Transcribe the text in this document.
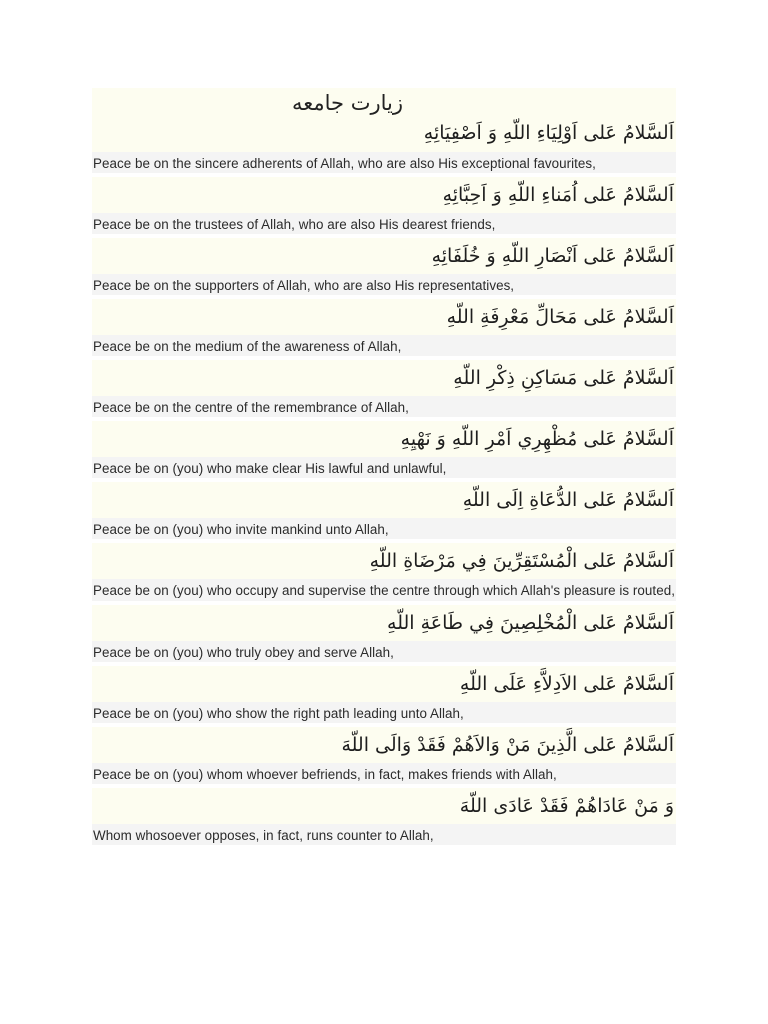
زیارت جامعه
اَلسَّلامُ عَلى اَوْلِيَاءِ اللّهِ وَ اَصْفِيَائِهِ
Peace be on the sincere adherents of Allah, who are also His exceptional favourites,
اَلسَّلامُ عَلى اُمَناءِ اللّهِ وَ اَحِبَّائِهِ
Peace be on the trustees of Allah, who are also His dearest friends,
اَلسَّلامُ عَلى اَنْصَارِ اللّهِ وَ خُلَفَائِهِ
Peace be on the supporters of Allah, who are also His representatives,
اَلسَّلامُ عَلى مَحَالِّ مَعْرِفَةِ اللّهِ
Peace be on the medium of the awareness of Allah,
اَلسَّلامُ عَلى مَسَاكِنِ ذِكْرِ اللّهِ
Peace be on the centre of the remembrance of Allah,
اَلسَّلامُ عَلى مُظْهِرِي اَمْرِ اللّهِ وَ نَهْيِهِ
Peace be on (you) who make clear His lawful and unlawful,
اَلسَّلامُ عَلى الدُّعَاةِ اِلَى اللّهِ
Peace be on (you) who invite mankind unto Allah,
اَلسَّلامُ عَلى الْمُسْتَقِرِّينَ فِي مَرْضَاةِ اللّهِ
Peace be on (you) who occupy and supervise the centre through which Allah's pleasure is routed,
اَلسَّلامُ عَلى الْمُخْلِصِينَ فِي طَاعَةِ اللّهِ
Peace be on (you) who truly obey and serve Allah,
اَلسَّلامُ عَلى الاَدِلاَّءِ عَلَى اللّهِ
Peace be on (you) who show the right path leading unto Allah,
اَلسَّلامُ عَلى الَّذِينَ مَنْ وَالاَهُمْ فَقَدْ وَالَى اللّهَ
Peace be on (you) whom whoever befriends, in fact, makes friends with Allah,
وَ مَنْ عَادَاهُمْ فَقَدْ عَادَى اللّهَ
Whom whosoever opposes, in fact, runs counter to Allah,
